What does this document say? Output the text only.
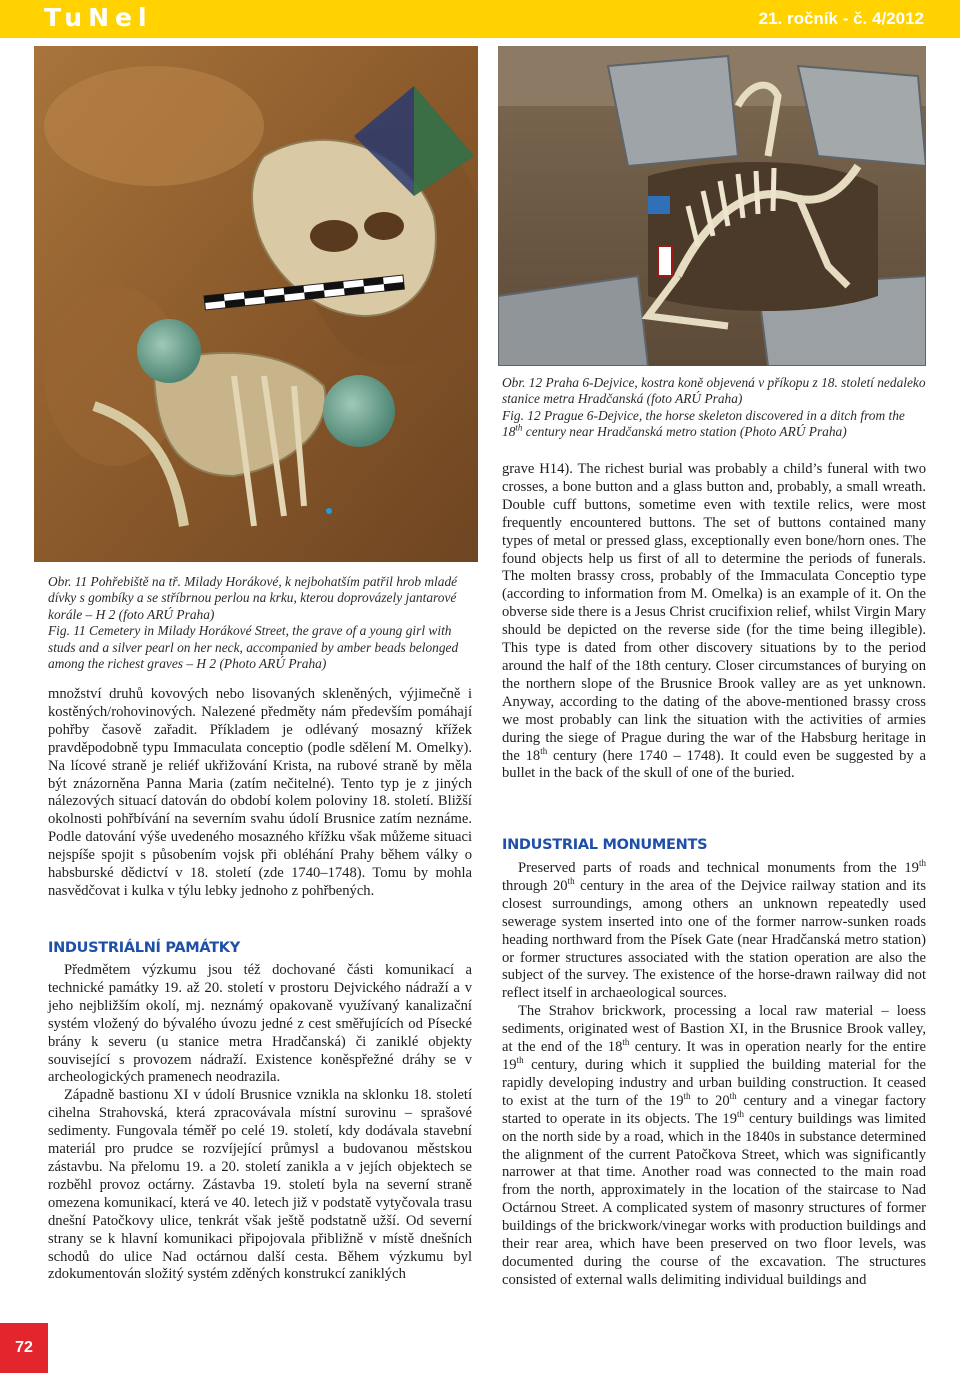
TuNel	21. ročník - č. 4/2012

Obr. 12 Praha 6-Dejvice, kostra koně objevená v příkopu z 18. století nedaleko stanice metra Hradčanská (foto ARÚ Praha)

Fig. 12 Prague 6-Dejvice, the horse skeleton discovered in a ditch from the 18th century near Hradčanská metro station (Photo ARÚ Praha)

Obr. 11 Pohřebiště na tř. Milady Horákové, k nejbohatším patřil hrob mladé dívky s gombíky a se stříbrnou perlou na krku, kterou doprovázely jantarové korále – H 2 (foto ARÚ Praha)

Fig. 11 Cemetery in Milady Horákové Street, the grave of a young girl with studs and a silver pearl on her neck, accompanied by amber beads belonged among the richest graves – H 2 (Photo ARÚ Praha)

množství druhů kovových nebo lisovaných skleněných, výjimečně i kostěných/rohovinových. Nalezené předměty nám především pomáhají pohřby časově zařadit. Příkladem je odlévaný mosazný křížek pravděpodobně typu Immaculata conceptio (podle sdělení M. Omelky). Na lícové straně je reliéf ukřižování Krista, na rubové straně by měla být znázorněna Panna Maria (zatím nečitelné). Tento typ je z jiných nálezových situací datován do období kolem poloviny 18. století. Bližší okolnosti pohřbívání na severním svahu údolí Brusnice zatím neznáme. Podle datování výše uvedeného mosazného křížku však můžeme situaci nejspíše spojit s působením vojsk při obléhání Prahy během války o habsburské dědictví v 18. století (zde 1740–1748). Tomu by mohla nasvědčovat i kulka v týlu lebky jednoho z pohřbených.

INDUSTRIÁLNÍ PAMÁTKY

Předmětem výzkumu jsou též dochované části komunikací a technické památky 19. až 20. století v prostoru Dejvického nádraží a v jeho nejbližším okolí, mj. neznámý opakovaně využívaný kanalizační systém vložený do bývalého úvozu jedné z cest směřujících od Písecké brány k severu (u stanice metra Hradčanská) či zaniklé objekty související s provozem nádraží. Existence koněspřežné dráhy se v archeologických pramenech neodrazila.

Západně bastionu XI v údolí Brusnice vznikla na sklonku 18. století cihelna Strahovská, která zpracovávala místní surovinu – sprašové sedimenty. Fungovala téměř po celé 19. století, kdy dodávala stavební materiál pro prudce se rozvíjející průmysl a budovanou městskou zástavbu. Na přelomu 19. a 20. století zanikla a v jejích objektech se rozběhl provoz octárny. Zástavba 19. století byla na severní straně omezena komunikací, která ve 40. letech již v podstatě vytyčovala trasu dnešní Patočkovy ulice, tenkrát však ještě podstatně užší. Od severní strany se k hlavní komunikaci připojovala přibližně v místě dnešních schodů do ulice Nad octárnou další cesta. Během výzkumu byl zdokumentován složitý systém zděných konstrukcí zaniklých

grave H14). The richest burial was probably a child’s funeral with two crosses, a bone button and a glass button and, probably, a small wreath. Double cuff buttons, sometime even with textile relics, were most frequently encountered buttons. The set of buttons contained many types of metal or pressed glass, exceptionally even bone/horn ones. The found objects help us first of all to determine the periods of funerals. The molten brassy cross, probably of the Immaculata Conceptio type (according to information from M. Omelka) is an example of it. On the obverse side there is a Jesus Christ crucifixion relief, whilst Virgin Mary should be depicted on the reverse side (for the time being illegible). This type is dated from other discovery situations by to the period around the half of the 18th century. Closer circumstances of burying on the northern slope of the Brusnice Brook valley are as yet unknown. Anyway, according to the dating of the above-mentioned brassy cross we most probably can link the situation with the activities of armies during the siege of Prague during the war of the Habsburg heritage in the 18th century (here 1740 – 1748). It could even be suggested by a bullet in the back of the skull of one of the buried.

INDUSTRIAL MONUMENTS

Preserved parts of roads and technical monuments from the 19th through 20th century in the area of the Dejvice railway station and its closest surroundings, among others an unknown repeatedly used sewerage system inserted into one of the former narrow-sunken roads heading northward from the Písek Gate (near Hradčanská metro station) or former structures associated with the station operation are also the subject of the survey. The existence of the horse-drawn railway did not reflect itself in archaeological sources.

The Strahov brickwork, processing a local raw material – loess sediments, originated west of Bastion XI, in the Brusnice Brook valley, at the end of the 18th century. It was in operation nearly for the entire 19th century, during which it supplied the building material for the rapidly developing industry and urban building construction. It ceased to exist at the turn of the 19th to 20th century and a vinegar factory started to operate in its objects. The 19th century buildings was limited on the north side by a road, which in the 1840s in substance determined the alignment of the current Patočkova Street, which was significantly narrower at that time. Another road was connected to the main road from the north, approximately in the location of the staircase to Nad Octárnou Street. A complicated system of masonry structures of former buildings of the brickwork/vinegar works with production buildings and their rear area, which have been preserved on two floor levels, was documented during the course of the excavation. The structures consisted of external walls delimiting individual buildings and

72
